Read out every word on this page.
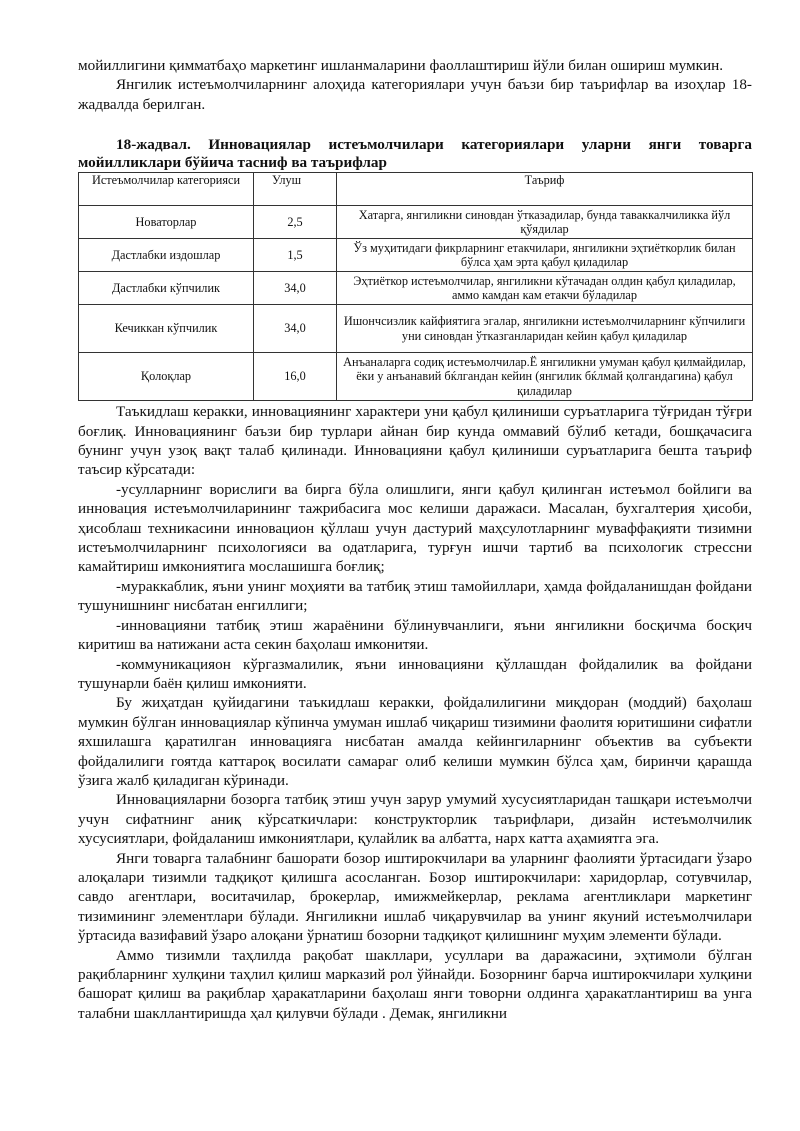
мойиллигини қимматбаҳо маркетинг ишланмаларини фаоллаштириш йўли билан ошириш мумкин.

Янгилик истеъмолчиларнинг алоҳида категориялари учун баъзи бир таърифлар ва изоҳлар 18-жадвалда берилган.

18-жадвал. Инновациялар истеъмолчилари категориялари уларни янги товарга мойилликлари бўйича тасниф ва таърифлар

Истеъмолчилар категорияси	Улуш	Таъриф
Новаторлар	2,5	Хатарга, янгиликни синовдан ўтказадилар, бунда таваккалчиликка йўл қўядилар
Дастлабки издошлар	1,5	Ўз муҳитидаги фикрларнинг етакчилари, янгиликни эҳтиёткорлик билан бўлса ҳам эрта қабул қиладилар
Дастлабки кўпчилик	34,0	Эҳтиёткор истеъмолчилар, янгиликни кўтачадан олдин қабул қиладилар, аммо камдан кам етакчи бўладилар
Кечиккан кўпчилик	34,0	Ишончсизлик кайфиятига эгалар, янгиликни истеъмолчиларнинг кўпчилиги уни синовдан ўтказганларидан кейин қабул қиладилар
Қолоқлар	16,0	Анъаналарга содиқ истеъмолчилар.Ё янгиликни умуман қабул қилмайдилар, ёки у анъанавий бќлгандан кейин (янгилик бќлмай қолгандагина) қабул қиладилар

Таъкидлаш керакки, инновациянинг характери уни қабул қилиниши суръатларига тўғридан тўғри боғлиқ. Инновациянинг баъзи бир турлари айнан бир кунда оммавий бўлиб кетади, бошқачасига бунинг учун узоқ вақт талаб қилинади. Инновацияни қабул қилиниши суръатларига бешта таъриф таъсир кўрсатади:

-усулларнинг ворислиги ва бирга бўла олишлиги, янги қабул қилинган истеъмол бойлиги ва инновация истеъмолчиларининг тажрибасига мос келиши даражаси. Масалан, бухгалтерия ҳисоби, ҳисоблаш техникасини инновацион қўллаш учун дастурий маҳсулотларнинг муваффақияти тизимни истеъмолчиларнинг психологияси ва одатларига, турғун ишчи тартиб ва психологик стрессни камайтириш имкониятига мослашишга боғлиқ;

-мураккаблик, яъни унинг моҳияти ва татбиқ этиш тамойиллари, ҳамда фойдаланишдан фойдани тушунишнинг нисбатан енгиллиги;

-инновацияни татбиқ этиш жараёнини бўлинувчанлиги, яъни янгиликни босқичма босқич киритиш ва натижани аста секин баҳолаш имконитяи.

-коммуникацияон кўргазмалилик, яъни инновацияни қўллашдан фойдалилик ва фойдани тушунарли баён қилиш имконияти.

Бу жиҳатдан қуйидагини таъкидлаш керакки, фойдалилигини миқдоран (моддий) баҳолаш мумкин бўлган инновациялар кўпинча умуман ишлаб чиқариш тизимини фаолитя юритишини сифатли яхшилашга қаратилган инновацияга нисбатан амалда кейингиларнинг объектив ва субъекти фойдалилиги гоятда каттароқ восилати самараг олиб келиши мумкин бўлса ҳам, биринчи қарашда ўзига жалб қиладиган кўринади.

Инновацияларни бозорга татбиқ этиш учун зарур умумий хусусиятларидан ташқари истеъмолчи учун сифатнинг аниқ кўрсаткичлари: конструкторлик таърифлари, дизайн истеъмолчилик хусусиятлари, фойдаланиш имкониятлари, қулайлик ва албатта, нарх катта аҳамиятга эга.

Янги товарга талабнинг башорати бозор иштирокчилари ва уларнинг фаолияти ўртасидаги ўзаро алоқалари тизимли тадқиқот қилишга асосланган. Бозор иштирокчилари: харидорлар, сотувчилар, савдо агентлари, воситачилар, брокерлар, имижмейкерлар, реклама агентликлари маркетинг тизимининг элементлари бўлади. Янгиликни ишлаб чиқарувчилар ва унинг якуний истеъмолчилари ўртасида вазифавий ўзаро алоқани ўрнатиш бозорни тадқиқот қилишнинг муҳим элементи бўлади.

Аммо тизимли таҳлилда рақобат шакллари, усуллари ва даражасини, эҳтимоли бўлган рақибларнинг хулқини таҳлил қилиш марказий рол ўйнайди. Бозорнинг барча иштирокчилари хулқини башорат қилиш ва рақиблар ҳаракатларини баҳолаш янги товорни олдинга ҳаракатлантириш ва унга талабни шакллантиришда ҳал қилувчи бўлади . Демак, янгиликни
